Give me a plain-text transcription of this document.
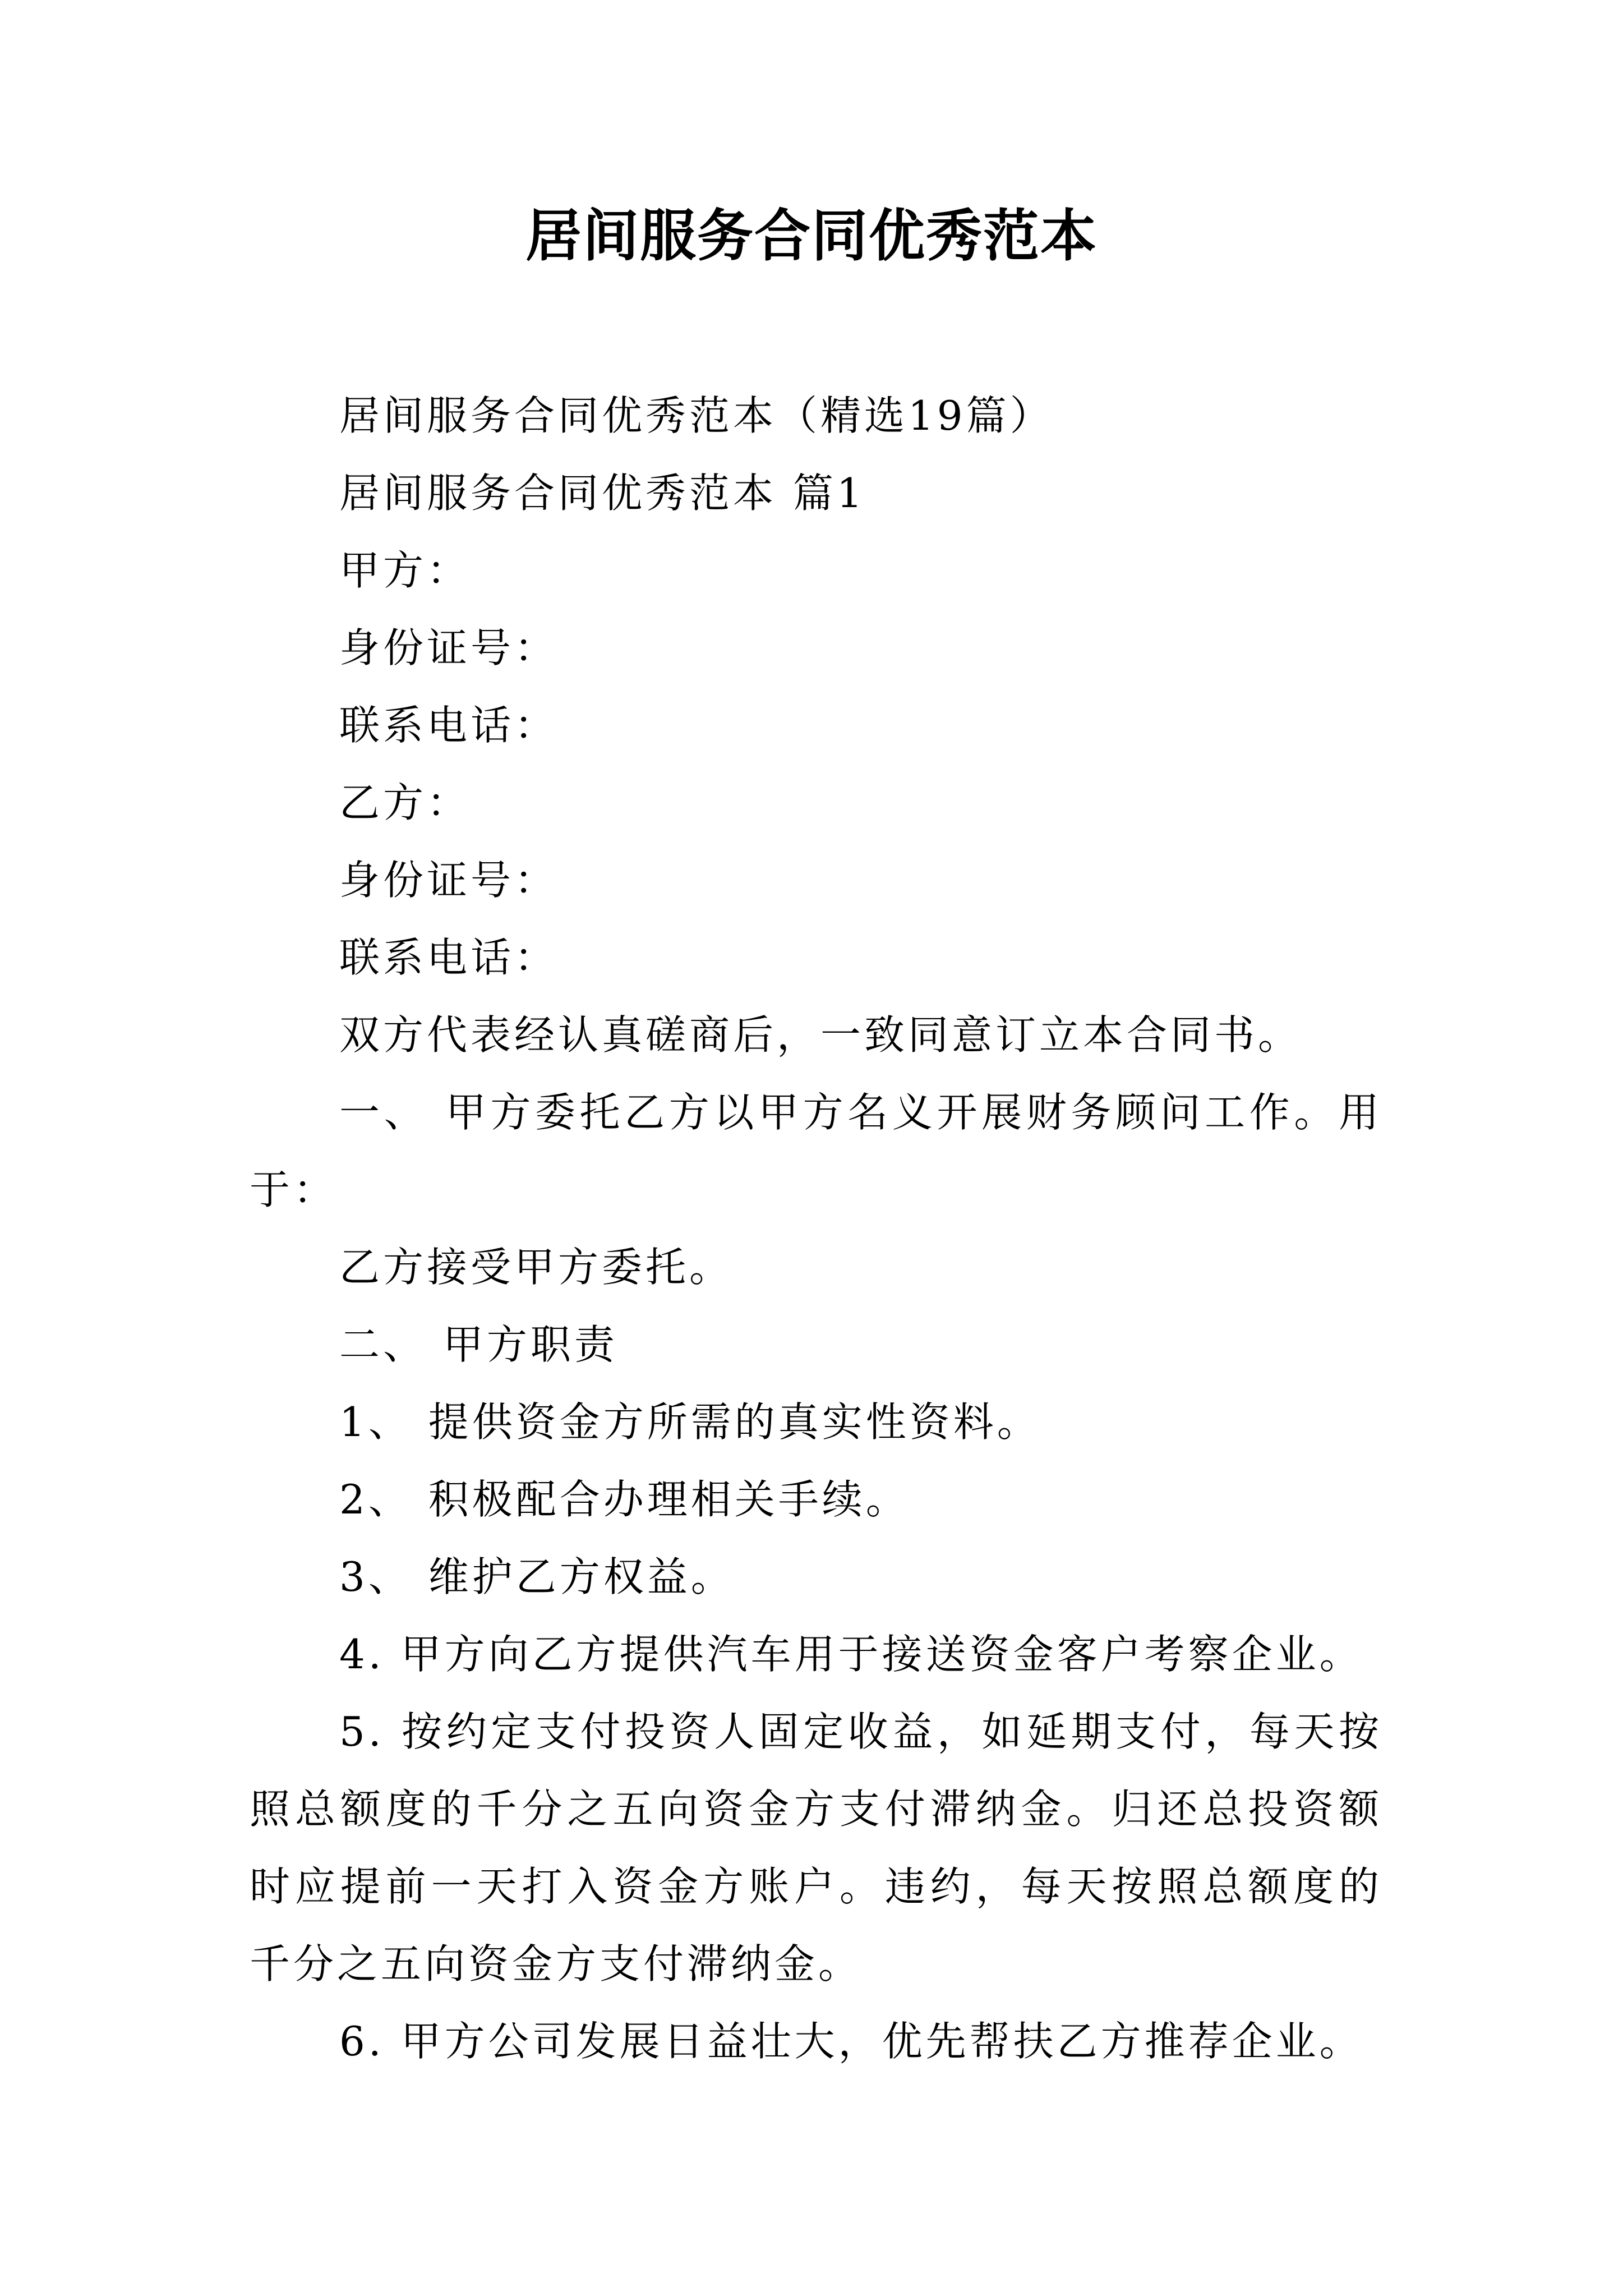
居间服务合同优秀范本

居间服务合同优秀范本（精选19篇）

居间服务合同优秀范本 篇1

甲方：

身份证号：

联系电话：

乙方：

身份证号：

联系电话：

双方代表经认真磋商后，一致同意订立本合同书。

一、 甲方委托乙方以甲方名义开展财务顾问工作。用于：

乙方接受甲方委托。

二、 甲方职责

1、 提供资金方所需的真实性资料。

2、 积极配合办理相关手续。

3、 维护乙方权益。

4. 甲方向乙方提供汽车用于接送资金客户考察企业。

5. 按约定支付投资人固定收益，如延期支付，每天按照总额度的千分之五向资金方支付滞纳金。归还总投资额时应提前一天打入资金方账户。违约，每天按照总额度的千分之五向资金方支付滞纳金。

6. 甲方公司发展日益壮大，优先帮扶乙方推荐企业。
